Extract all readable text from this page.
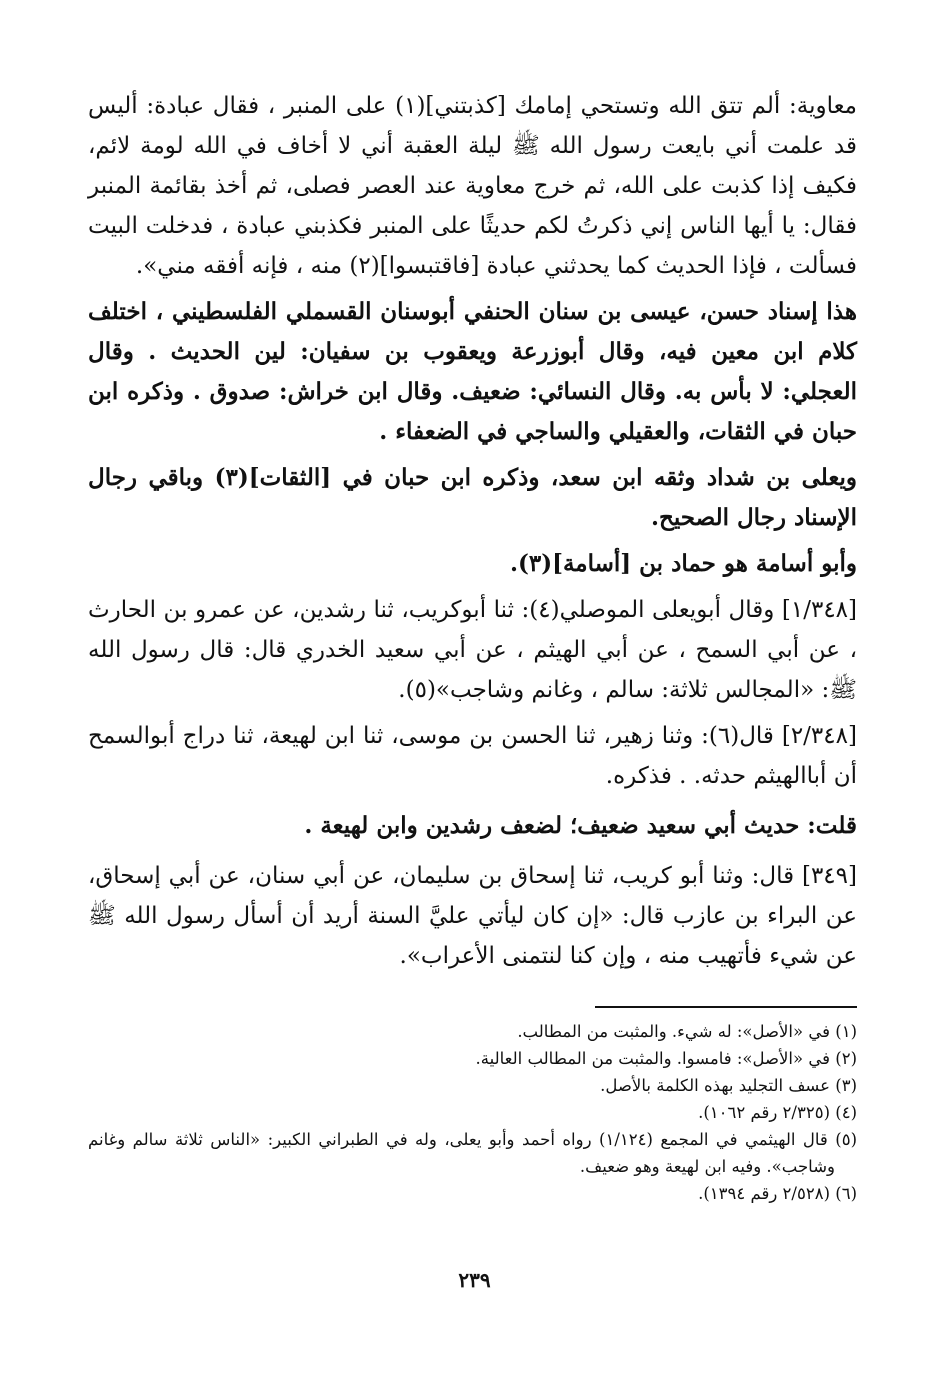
معاوية: ألم تتق الله وتستحي إمامك [كذبتني](١) على المنبر ، فقال عبادة: أليس قد علمت أني بايعت رسول الله ﷺ ليلة العقبة أني لا أخاف في الله لومة لائم، فكيف إذا كذبت على الله، ثم خرج معاوية عند العصر فصلى، ثم أخذ بقائمة المنبر فقال: يا أيها الناس إني ذكرتُ لكم حديثًا على المنبر فكذبني عبادة ، فدخلت البيت فسألت ، فإذا الحديث كما يحدثني عبادة [فاقتبسوا](٢) منه ، فإنه أفقه مني».

هذا إسناد حسن، عيسى بن سنان الحنفي أبوسنان القسملي الفلسطيني ، اختلف كلام ابن معين فيه، وقال أبوزرعة ويعقوب بن سفيان: لين الحديث . وقال العجلي: لا بأس به. وقال النسائي: ضعيف. وقال ابن خراش: صدوق . وذكره ابن حبان في الثقات، والعقيلي والساجي في الضعفاء .

ويعلى بن شداد وثقه ابن سعد، وذكره ابن حبان في [الثقات](٣) وباقي رجال الإسناد رجال الصحيح.

وأبو أسامة هو حماد بن [أسامة](٣).

[١/٣٤٨] وقال أبويعلى الموصلي(٤): ثنا أبوكريب، ثنا رشدين، عن عمرو بن الحارث ، عن أبي السمح ، عن أبي الهيثم ، عن أبي سعيد الخدري قال: قال رسول الله ﷺ: «المجالس ثلاثة: سالم ، وغانم وشاجب»(٥).

[٢/٣٤٨] قال(٦): وثنا زهير، ثنا الحسن بن موسى، ثنا ابن لهيعة، ثنا دراج أبوالسمح أن أباالهيثم حدثه. . فذكره.

قلت: حديث أبي سعيد ضعيف؛ لضعف رشدين وابن لهيعة .

[٣٤٩] قال: وثنا أبو كريب، ثنا إسحاق بن سليمان، عن أبي سنان، عن أبي إسحاق، عن البراء بن عازب قال: «إن كان ليأتي عليَّ السنة أريد أن أسأل رسول الله ﷺ عن شيء فأتهيب منه ، وإن كنا لنتمنى الأعراب».

(١) في «الأصل»: له شيء. والمثبت من المطالب.

(٢) في «الأصل»: فامسوا. والمثبت من المطالب العالية.

(٣) عسف التجليد بهذه الكلمة بالأصل.

(٤) (٢/٣٢٥ رقم ١٠٦٢).

(٥) قال الهيثمي في المجمع (١/١٢٤) رواه أحمد وأبو يعلى، وله في الطبراني الكبير: «الناس ثلاثة سالم وغانم وشاجب». وفيه ابن لهيعة وهو ضعيف.

(٦) (٢/٥٢٨ رقم ١٣٩٤).

٢٣٩
